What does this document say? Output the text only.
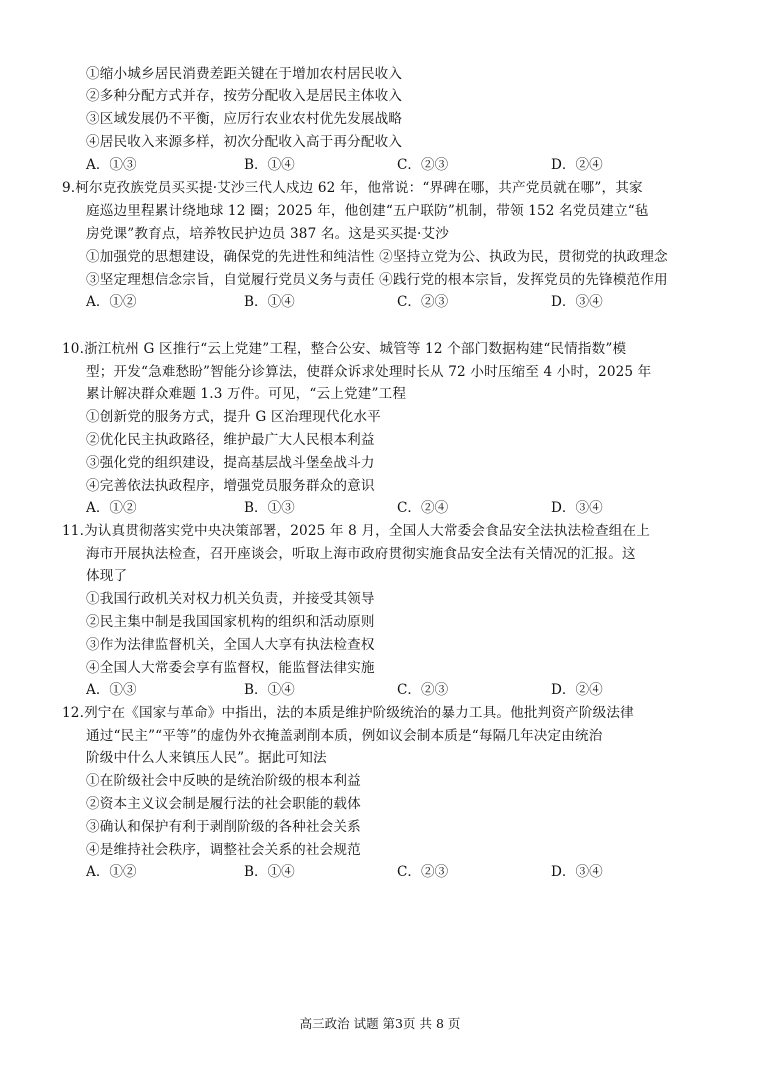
①缩小城乡居民消费差距关键在于增加农村居民收入
②多种分配方式并存，按劳分配收入是居民主体收入
③区域发展仍不平衡，应厉行农业农村优先发展战略
④居民收入来源多样，初次分配收入高于再分配收入
A．①③	B．①④	C．②③	D．②④
9.柯尔克孜族党员买买提·艾沙三代人戍边 62 年，他常说：“界碑在哪，共产党员就在哪”，其家
庭巡边里程累计绕地球 12 圈；2025 年，他创建“五户联防”机制，带领 152 名党员建立“毡
房党课”教育点，培养牧民护边员 387 名。这是买买提·艾沙
①加强党的思想建设，确保党的先进性和纯洁性 ②坚持立党为公、执政为民，贯彻党的执政理念
③坚定理想信念宗旨，自觉履行党员义务与责任 ④践行党的根本宗旨，发挥党员的先锋模范作用
A．①②	B．①④	C．②③	D．③④
10.浙江杭州 G 区推行“云上党建”工程，整合公安、城管等 12 个部门数据构建“民情指数”模
型；开发“急难愁盼”智能分诊算法，使群众诉求处理时长从 72 小时压缩至 4 小时，2025 年
累计解决群众难题 1.3 万件。可见，“云上党建”工程
①创新党的服务方式，提升 G 区治理现代化水平
②优化民主执政路径，维护最广大人民根本利益
③强化党的组织建设，提高基层战斗堡垒战斗力
④完善依法执政程序，增强党员服务群众的意识
A．①②	B．①③	C．②④	D．③④
11.为认真贯彻落实党中央决策部署，2025 年 8 月，全国人大常委会食品安全法执法检查组在上
海市开展执法检查，召开座谈会，听取上海市政府贯彻实施食品安全法有关情况的汇报。这
体现了
①我国行政机关对权力机关负责，并接受其领导
②民主集中制是我国国家机构的组织和活动原则
③作为法律监督机关，全国人大享有执法检查权
④全国人大常委会享有监督权，能监督法律实施
A．①③	B．①④	C．②③	D．②④
12.列宁在《国家与革命》中指出，法的本质是维护阶级统治的暴力工具。他批判资产阶级法律
通过“民主”“平等”的虚伪外衣掩盖剥削本质，例如议会制本质是“每隔几年决定由统治
阶级中什么人来镇压人民”。据此可知法
①在阶级社会中反映的是统治阶级的根本利益
②资本主义议会制是履行法的社会职能的载体
③确认和保护有利于剥削阶级的各种社会关系
④是维持社会秩序，调整社会关系的社会规范
A．①②	B．①④	C．②③	D．③④
高三政治 试题 第3页 共 8 页
